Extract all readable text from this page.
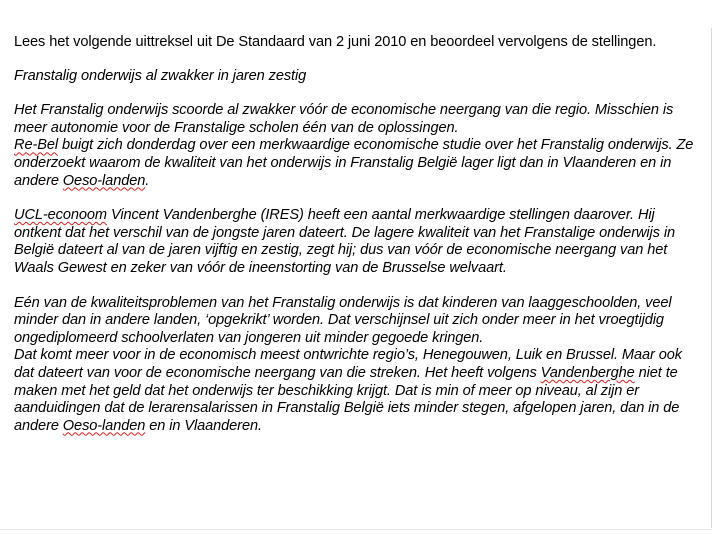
Lees het volgende uittreksel uit De Standaard van 2 juni 2010 en beoordeel vervolgens de stellingen.

Franstalig onderwijs al zwakker in jaren zestig

Het Franstalig onderwijs scoorde al zwakker vóór de economische neergang van die regio. Misschien is meer autonomie voor de Franstalige scholen één van de oplossingen.
Re-Bel buigt zich donderdag over een merkwaardige economische studie over het Franstalig onderwijs. Ze onderzoekt waarom de kwaliteit van het onderwijs in Franstalig België lager ligt dan in Vlaanderen en in andere Oeso-landen.

UCL-econoom Vincent Vandenberghe (IRES) heeft een aantal merkwaardige stellingen daarover. Hij ontkent dat het verschil van de jongste jaren dateert. De lagere kwaliteit van het Franstalige onderwijs in België dateert al van de jaren vijftig en zestig, zegt hij; dus van vóór de economische neergang van het Waals Gewest en zeker van vóór de ineenstorting van de Brusselse welvaart.

Eén van de kwaliteitsproblemen van het Franstalig onderwijs is dat kinderen van laaggeschoolden, veel minder dan in andere landen, ‘opgekrikt’ worden. Dat verschijnsel uit zich onder meer in het vroegtijdig ongediplomeerd schoolverlaten van jongeren uit minder gegoede kringen.
Dat komt meer voor in de economisch meest ontwrichte regio’s, Henegouwen, Luik en Brussel. Maar ook dat dateert van voor de economische neergang van die streken. Het heeft volgens Vandenberghe niet te maken met het geld dat het onderwijs ter beschikking krijgt. Dat is min of meer op niveau, al zijn er aanduidingen dat de lerarensalarissen in Franstalig België iets minder stegen, afgelopen jaren, dan in de andere Oeso-landen en in Vlaanderen.
